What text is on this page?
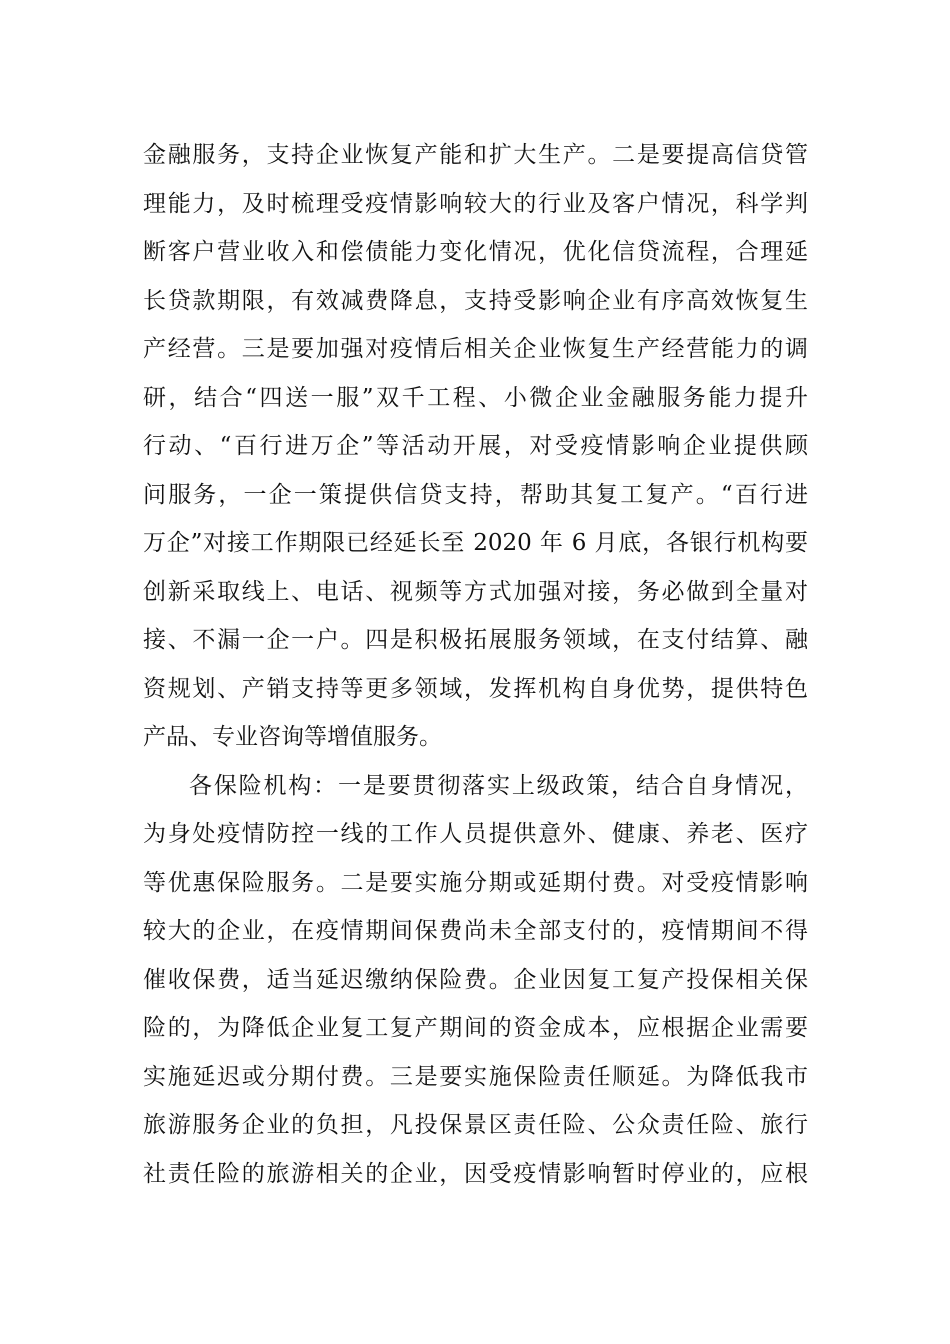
金融服务，支持企业恢复产能和扩大生产。二是要提高信贷管
理能力，及时梳理受疫情影响较大的行业及客户情况，科学判
断客户营业收入和偿债能力变化情况，优化信贷流程，合理延
长贷款期限，有效减费降息，支持受影响企业有序高效恢复生
产经营。三是要加强对疫情后相关企业恢复生产经营能力的调
研，结合“四送一服”双千工程、小微企业金融服务能力提升
行动、“百行进万企”等活动开展，对受疫情影响企业提供顾
问服务，一企一策提供信贷支持，帮助其复工复产。“百行进
万企”对接工作期限已经延长至 2020 年 6 月底，各银行机构要
创新采取线上、电话、视频等方式加强对接，务必做到全量对
接、不漏一企一户。四是积极拓展服务领域，在支付结算、融
资规划、产销支持等更多领域，发挥机构自身优势，提供特色
产品、专业咨询等增值服务。
各保险机构：一是要贯彻落实上级政策，结合自身情况，
为身处疫情防控一线的工作人员提供意外、健康、养老、医疗
等优惠保险服务。二是要实施分期或延期付费。对受疫情影响
较大的企业，在疫情期间保费尚未全部支付的，疫情期间不得
催收保费，适当延迟缴纳保险费。企业因复工复产投保相关保
险的，为降低企业复工复产期间的资金成本，应根据企业需要
实施延迟或分期付费。三是要实施保险责任顺延。为降低我市
旅游服务企业的负担，凡投保景区责任险、公众责任险、旅行
社责任险的旅游相关的企业，因受疫情影响暂时停业的，应根
